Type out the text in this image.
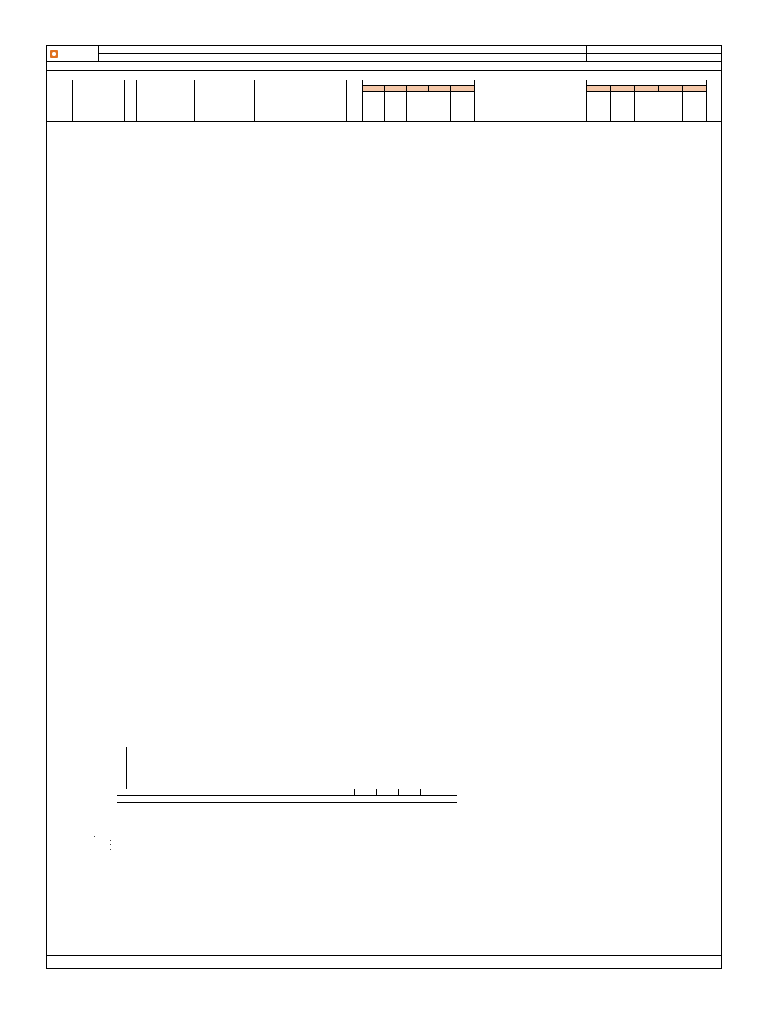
•
•
•
•
